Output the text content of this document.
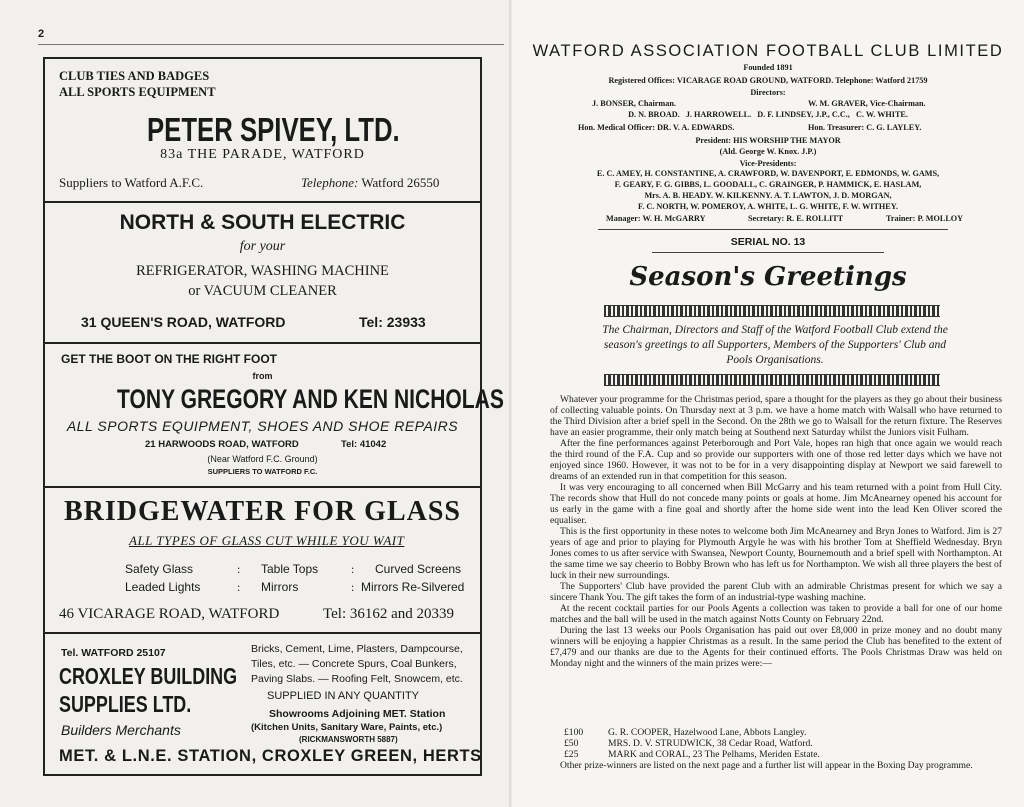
2
CLUB TIES AND BADGES
ALL SPORTS EQUIPMENT
PETER SPIVEY, LTD.
83a THE PARADE, WATFORD
Suppliers to Watford A.F.C.	Telephone: Watford 26550
NORTH & SOUTH ELECTRIC
for your
REFRIGERATOR, WASHING MACHINE
or VACUUM CLEANER
31 QUEEN'S ROAD, WATFORD	Tel: 23933
GET THE BOOT ON THE RIGHT FOOT
from
TONY GREGORY AND KEN NICHOLAS
ALL SPORTS EQUIPMENT, SHOES AND SHOE REPAIRS
21 HARWOODS ROAD, WATFORD	Tel: 41042
(Near Watford F.C. Ground)
SUPPLIERS TO WATFORD F.C.
BRIDGEWATER FOR GLASS
ALL TYPES OF GLASS CUT WHILE YOU WAIT
Safety Glass	: Table Tops	: Curved Screens
Leaded Lights	: Mirrors	: Mirrors Re-Silvered
46 VICARAGE ROAD, WATFORD	Tel: 36162 and 20339
Tel. WATFORD 25107
CROXLEY BUILDING
SUPPLIES LTD.
Builders Merchants
Bricks, Cement, Lime, Plasters, Dampcourse,
Tiles, etc. — Concrete Spurs, Coal Bunkers,
Paving Slabs. — Roofing Felt, Snowcem, etc.
SUPPLIED IN ANY QUANTITY
Showrooms Adjoining MET. Station
(Kitchen Units, Sanitary Ware, Paints, etc.)
(RICKMANSWORTH 5887)
MET. & L.N.E. STATION, CROXLEY GREEN, HERTS
WATFORD ASSOCIATION FOOTBALL CLUB LIMITED
Founded 1891
Registered Offices: VICARAGE ROAD GROUND, WATFORD. Telephone: Watford 21759
Directors:
J. BONSER, Chairman.	W. M. GRAVER, Vice-Chairman.
D. N. BROAD.   J. HARROWELL.   D. F. LINDSEY, J.P., C.C.,   C. W. WHITE.
Hon. Medical Officer: DR. V. A. EDWARDS.	Hon. Treasurer: C. G. LAYLEY.
President: HIS WORSHIP THE MAYOR
(Ald. George W. Knox. J.P.)
Vice-Presidents:
E. C. AMEY, H. CONSTANTINE, A. CRAWFORD, W. DAVENPORT, E. EDMONDS, W. GAMS,
F. GEARY, F. G. GIBBS, L. GOODALL, C. GRAINGER, P. HAMMICK, E. HASLAM,
Mrs. A. B. HEADY. W. KILKENNY. A. T. LAWTON, J. D. MORGAN,
F. C. NORTH, W. POMEROY, A. WHITE, L. G. WHITE, F. W. WITHEY.
Manager: W. H. McGARRY	Secretary: R. E. ROLLITT	Trainer: P. MOLLOY
SERIAL NO. 13
Season's Greetings
The Chairman, Directors and Staff of the Watford Football Club extend the season's greetings to all Supporters, Members of the Supporters' Club and Pools Organisations.

Whatever your programme for the Christmas period, spare a thought for the players as they go about their business of collecting valuable points. On Thursday next at 3 p.m. we have a home match with Walsall who have returned to the Third Division after a brief spell in the Second. On the 28th we go to Walsall for the return fixture. The Reserves have an easier programme, their only match being at Southend next Saturday whilst the Juniors visit Fulham.

After the fine performances against Peterborough and Port Vale, hopes ran high that once again we would reach the third round of the F.A. Cup and so provide our supporters with one of those red letter days which we have not enjoyed since 1960. However, it was not to be for in a very disappointing display at Newport we said farewell to dreams of an extended run in that competition for this season.

It was very encouraging to all concerned when Bill McGarry and his team returned with a point from Hull City. The records show that Hull do not concede many points or goals at home. Jim McAnearney opened his account for us early in the game with a fine goal and shortly after the home side went into the lead Ken Oliver scored the equaliser.

This is the first opportunity in these notes to welcome both Jim McAnearney and Bryn Jones to Watford. Jim is 27 years of age and prior to playing for Plymouth Argyle he was with his brother Tom at Sheffield Wednesday. Bryn Jones comes to us after service with Swansea, Newport County, Bournemouth and a brief spell with Northampton. At the same time we say cheerio to Bobby Brown who has left us for Northampton. We wish all three players the best of luck in their new surroundings.

The Supporters' Club have provided the parent Club with an admirable Christmas present for which we say a sincere Thank You. The gift takes the form of an industrial-type washing machine.

At the recent cocktail parties for our Pools Agents a collection was taken to provide a ball for one of our home matches and the ball will be used in the match against Notts County on February 22nd.

During the last 13 weeks our Pools Organisation has paid out over £8,000 in prize money and no doubt many winners will be enjoying a happier Christmas as a result. In the same period the Club has benefited to the extent of £7,479 and our thanks are due to the Agents for their continued efforts. The Pools Christmas Draw was held on Monday night and the winners of the main prizes were:—

£100	G. R. COOPER, Hazelwood Lane, Abbots Langley.
£50	MRS. D. V. STRUDWICK, 38 Cedar Road, Watford.
£25	MARK and CORAL, 23 The Pelhams, Meriden Estate.

Other prize-winners are listed on the next page and a further list will appear in the Boxing Day programme.
